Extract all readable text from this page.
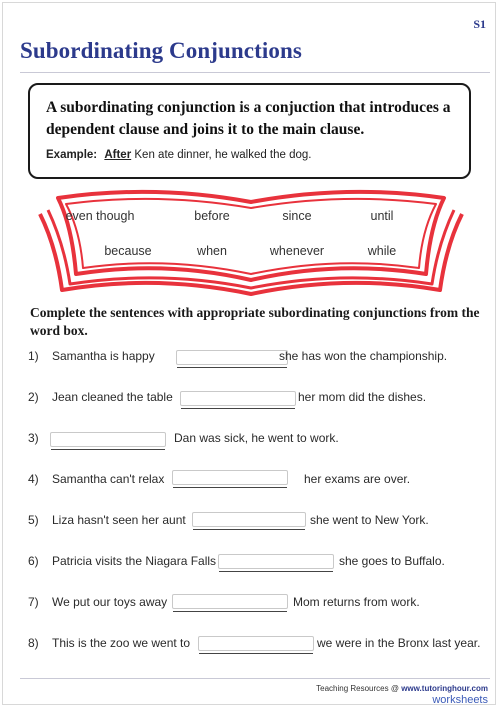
S1
Subordinating Conjunctions

A subordinating conjunction is a conjuction that introduces a dependent clause and joins it to the main clause.

Example: After Ken ate dinner, he walked the dog.
even though	before	since	until
because	when	whenever	while

Complete the sentences with appropriate subordinating conjunctions from the word box.

1) Samantha is happy	she has won the championship.
2) Jean cleaned the table	her mom did the dishes.
3)	Dan was sick, he went to work.
4) Samantha can't relax	her exams are over.
5) Liza hasn't seen her aunt	she went to New York.
6) Patricia visits the Niagara Falls	she goes to Buffalo.
7) We put our toys away	Mom returns from work.
8) This is the zoo we went to	we were in the Bronx last year.
Teaching Resources @ www.tutoringhour.com
worksheets
